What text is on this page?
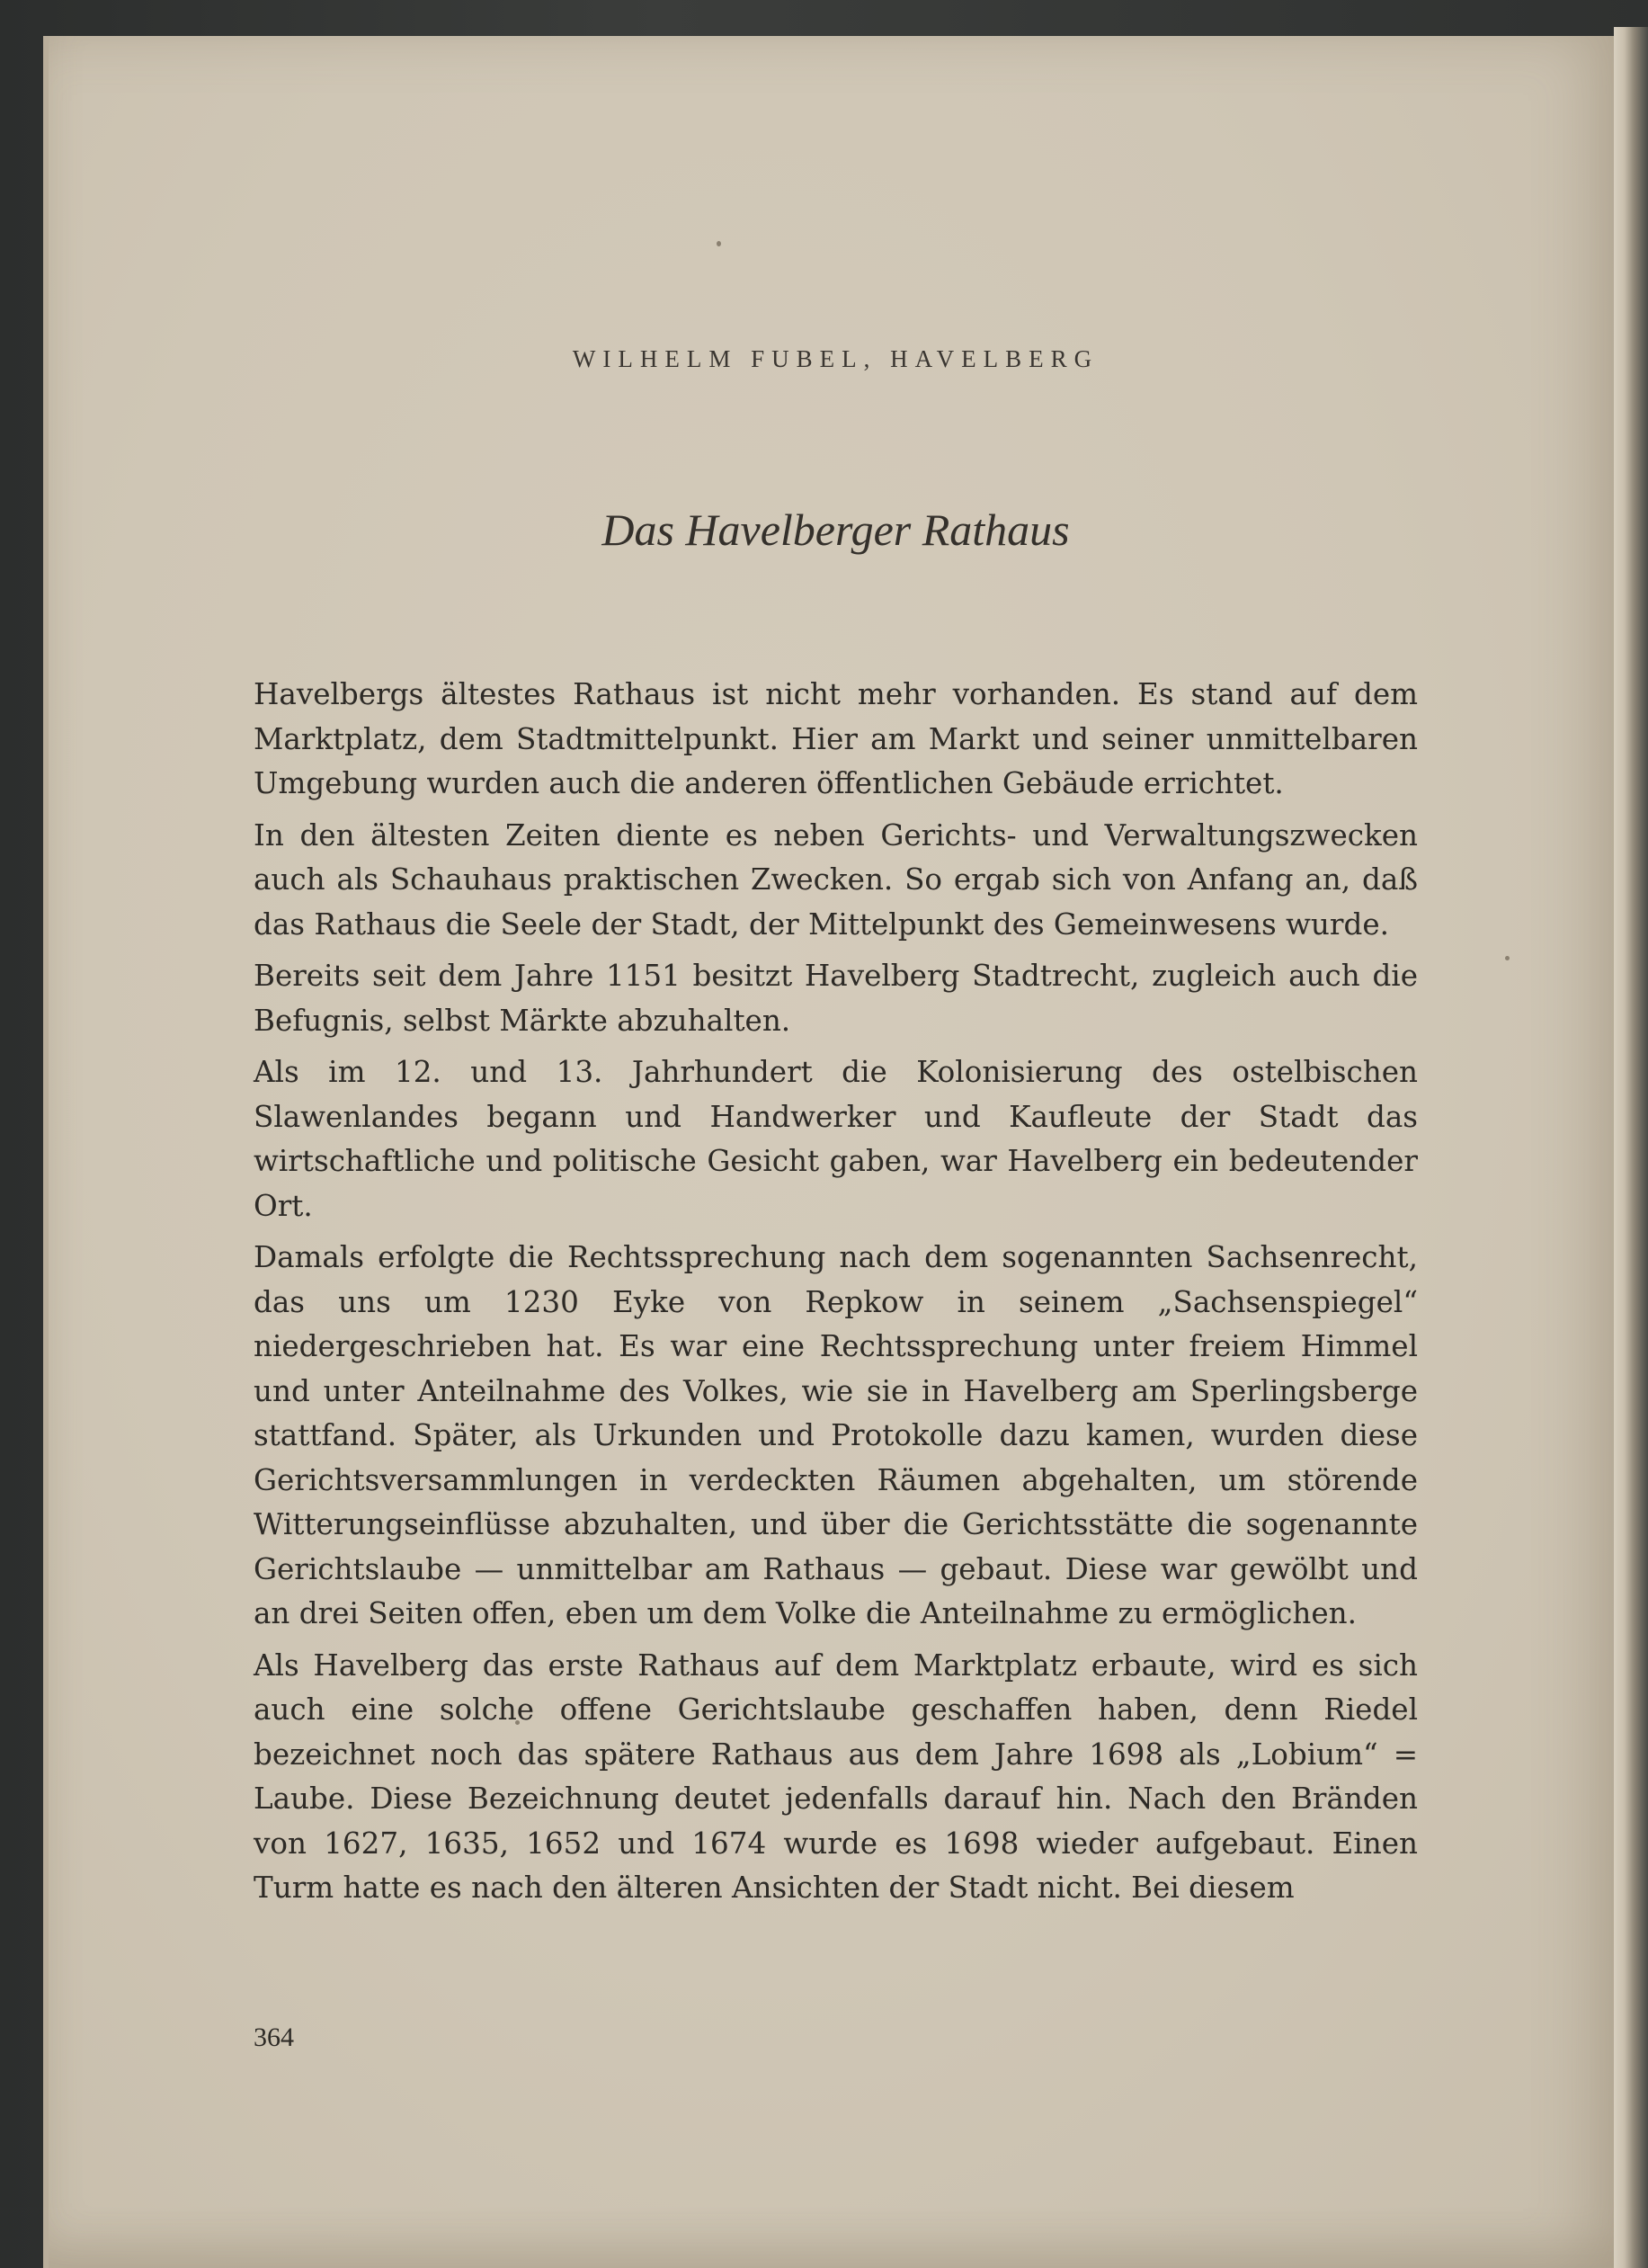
WILHELM FUBEL, HAVELBERG
Das Havelberger Rathaus

Havelbergs ältestes Rathaus ist nicht mehr vorhanden. Es stand auf dem Marktplatz, dem Stadtmittelpunkt. Hier am Markt und seiner unmittelbaren Umgebung wurden auch die anderen öffentlichen Gebäude errichtet.

In den ältesten Zeiten diente es neben Gerichts- und Verwaltungszwecken auch als Schauhaus praktischen Zwecken. So ergab sich von Anfang an, daß das Rathaus die Seele der Stadt, der Mittelpunkt des Gemeinwesens wurde.

Bereits seit dem Jahre 1151 besitzt Havelberg Stadtrecht, zugleich auch die Befugnis, selbst Märkte abzuhalten.

Als im 12. und 13. Jahrhundert die Kolonisierung des ostelbischen Slawenlandes begann und Handwerker und Kaufleute der Stadt das wirtschaftliche und politische Gesicht gaben, war Havelberg ein bedeutender Ort.

Damals erfolgte die Rechtssprechung nach dem sogenannten Sachsenrecht, das uns um 1230 Eyke von Repkow in seinem „Sachsenspiegel“ niedergeschrieben hat. Es war eine Rechtssprechung unter freiem Himmel und unter Anteilnahme des Volkes, wie sie in Havelberg am Sperlingsberge stattfand. Später, als Urkunden und Protokolle dazu kamen, wurden diese Gerichtsversammlungen in verdeckten Räumen abgehalten, um störende Witterungseinflüsse abzuhalten, und über die Gerichtsstätte die sogenannte Gerichtslaube — unmittelbar am Rathaus — gebaut. Diese war gewölbt und an drei Seiten offen, eben um dem Volke die Anteilnahme zu ermöglichen.

Als Havelberg das erste Rathaus auf dem Marktplatz erbaute, wird es sich auch eine solche offene Gerichtslaube geschaffen haben, denn Riedel bezeichnet noch das spätere Rathaus aus dem Jahre 1698 als „Lobium“ = Laube. Diese Bezeichnung deutet jedenfalls darauf hin. Nach den Bränden von 1627, 1635, 1652 und 1674 wurde es 1698 wieder aufgebaut. Einen Turm hatte es nach den älteren Ansichten der Stadt nicht. Bei diesem

364
